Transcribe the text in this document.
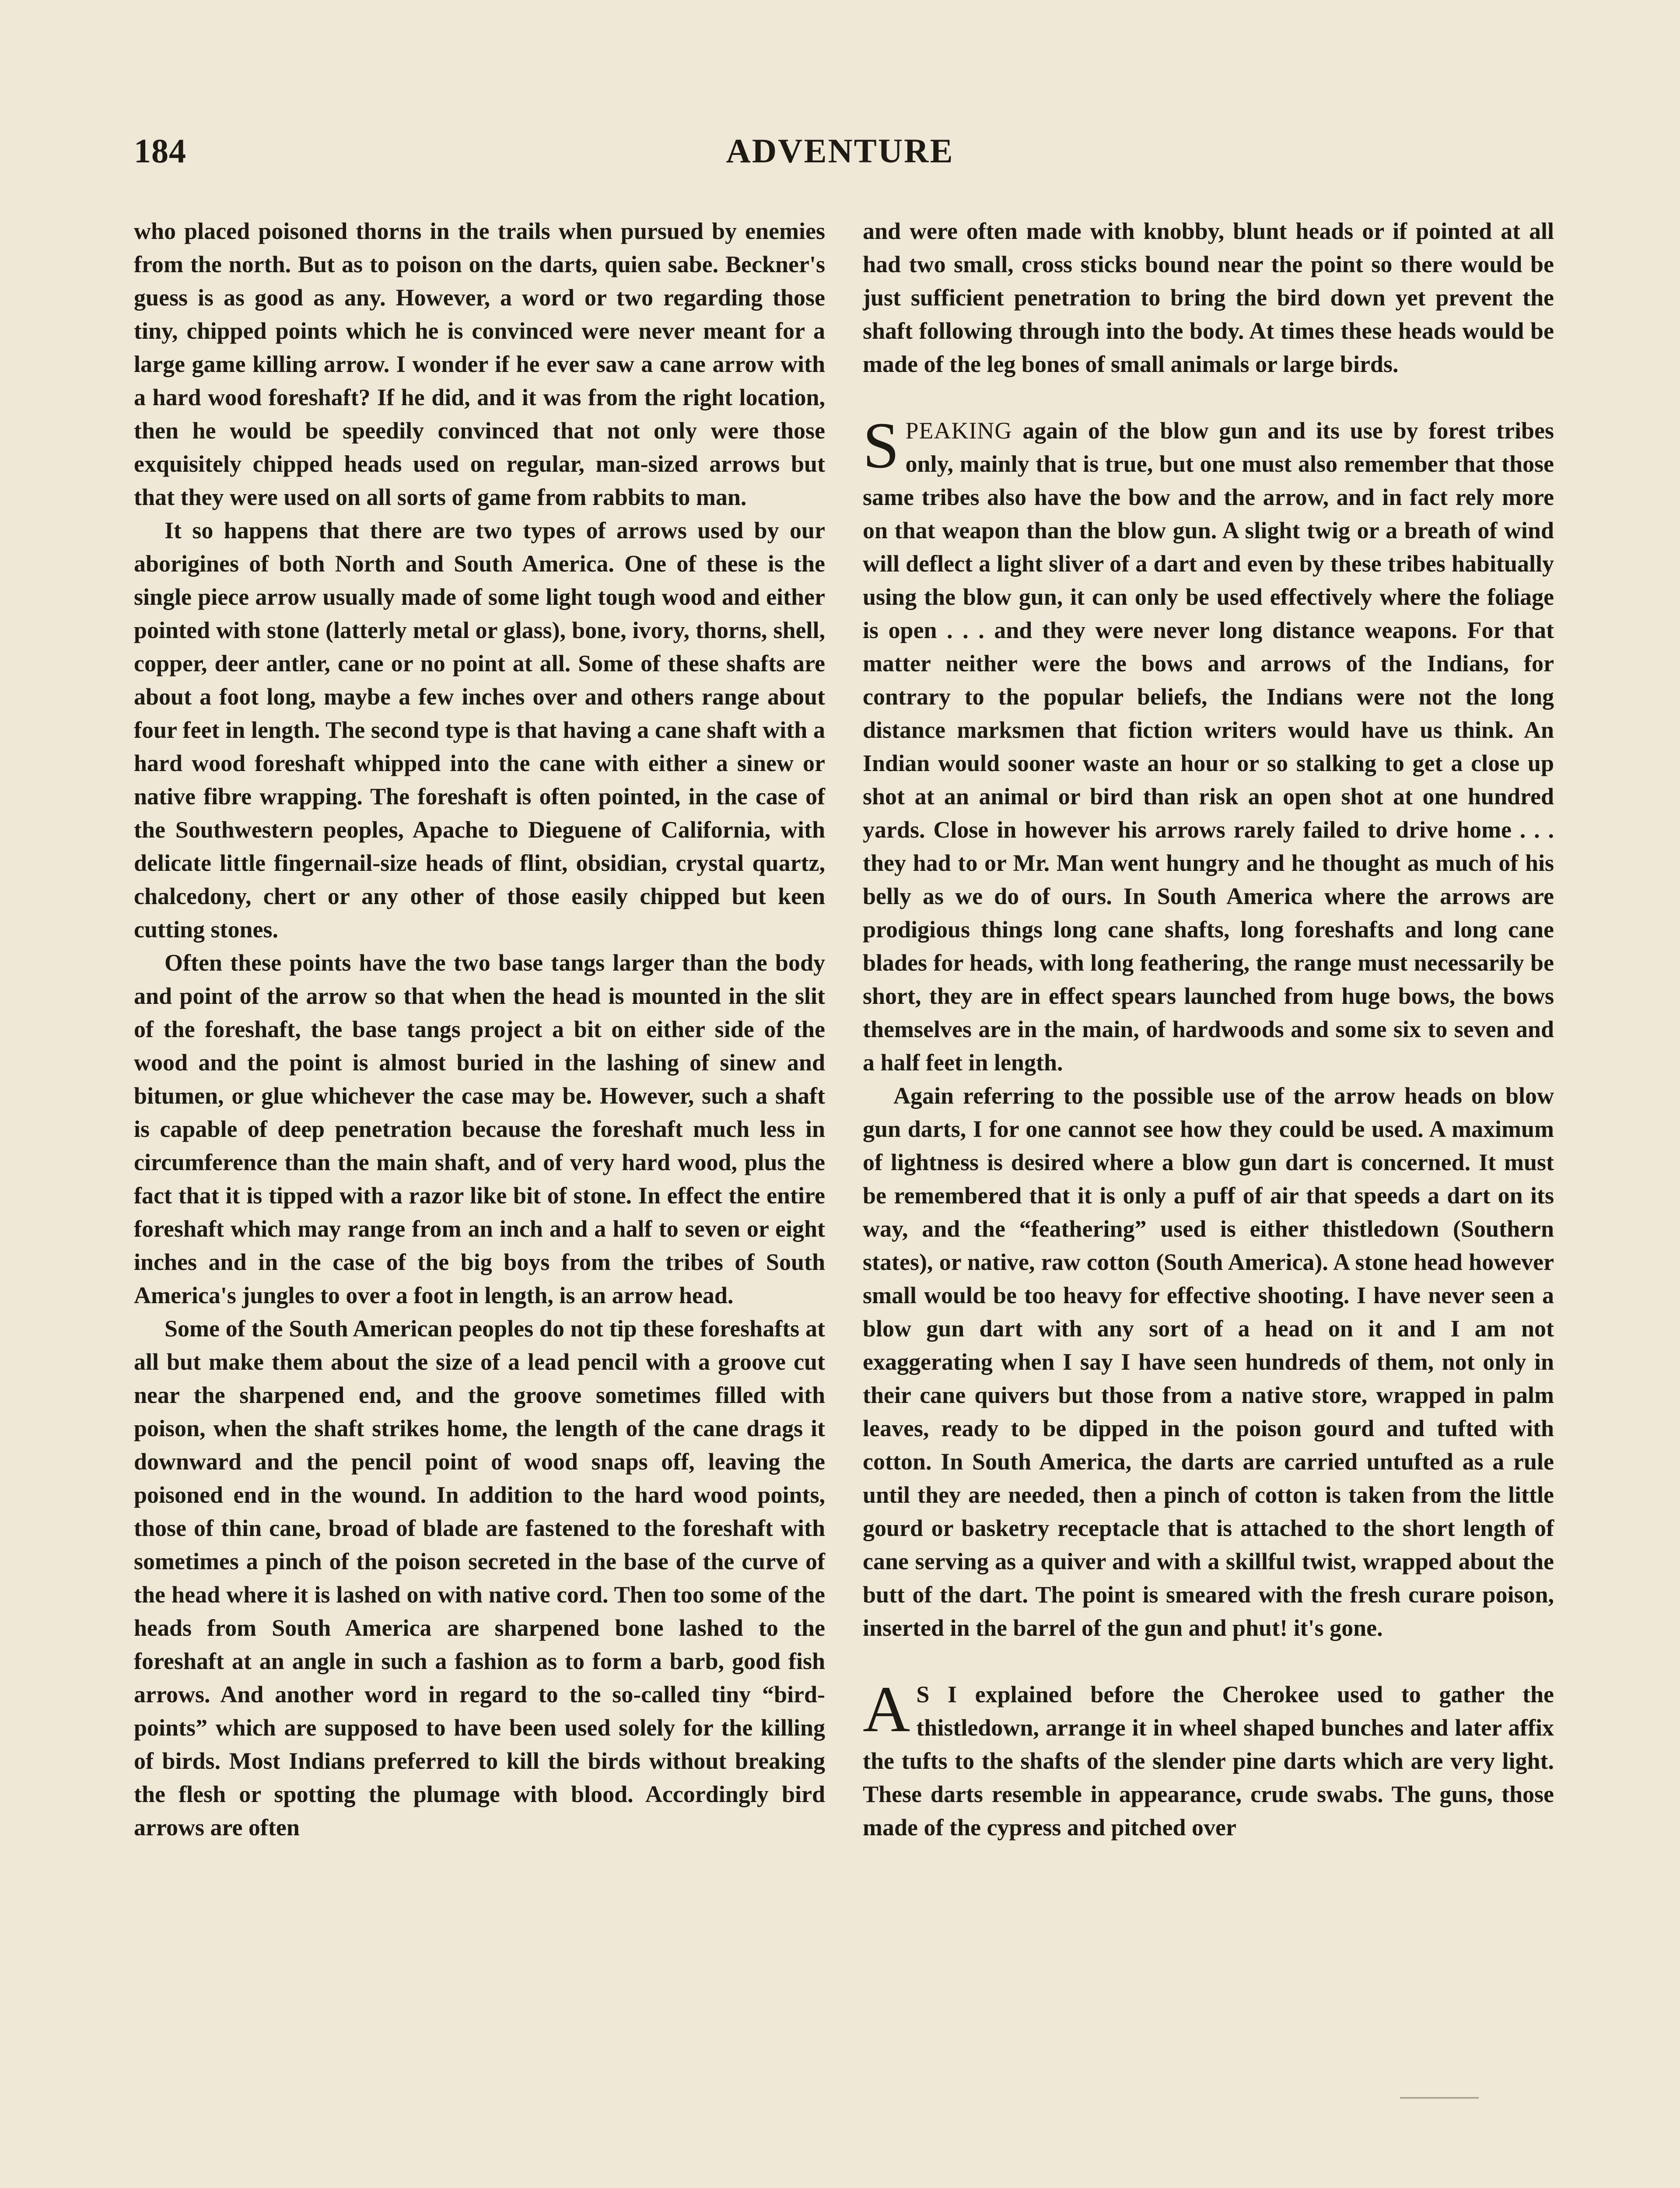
184	ADVENTURE

who placed poisoned thorns in the trails when pursued by enemies from the north. But as to poison on the darts, quien sabe. Beckner's guess is as good as any. However, a word or two regarding those tiny, chipped points which he is convinced were never meant for a large game killing arrow. I wonder if he ever saw a cane arrow with a hard wood foreshaft? If he did, and it was from the right location, then he would be speedily convinced that not only were those exquisitely chipped heads used on regular, man-sized arrows but that they were used on all sorts of game from rabbits to man.

It so happens that there are two types of arrows used by our aborigines of both North and South America. One of these is the single piece arrow usually made of some light tough wood and either pointed with stone (latterly metal or glass), bone, ivory, thorns, shell, copper, deer antler, cane or no point at all. Some of these shafts are about a foot long, maybe a few inches over and others range about four feet in length. The second type is that having a cane shaft with a hard wood foreshaft whipped into the cane with either a sinew or native fibre wrapping. The foreshaft is often pointed, in the case of the Southwestern peoples, Apache to Dieguene of California, with delicate little fingernail-size heads of flint, obsidian, crystal quartz, chalcedony, chert or any other of those easily chipped but keen cutting stones.

Often these points have the two base tangs larger than the body and point of the arrow so that when the head is mounted in the slit of the foreshaft, the base tangs project a bit on either side of the wood and the point is almost buried in the lashing of sinew and bitumen, or glue whichever the case may be. However, such a shaft is capable of deep penetration because the foreshaft much less in circumference than the main shaft, and of very hard wood, plus the fact that it is tipped with a razor like bit of stone. In effect the entire foreshaft which may range from an inch and a half to seven or eight inches and in the case of the big boys from the tribes of South America's jungles to over a foot in length, is an arrow head.

Some of the South American peoples do not tip these foreshafts at all but make them about the size of a lead pencil with a groove cut near the sharpened end, and the groove sometimes filled with poison, when the shaft strikes home, the length of the cane drags it downward and the pencil point of wood snaps off, leaving the poisoned end in the wound. In addition to the hard wood points, those of thin cane, broad of blade are fastened to the foreshaft with sometimes a pinch of the poison secreted in the base of the curve of the head where it is lashed on with native cord. Then too some of the heads from South America are sharpened bone lashed to the foreshaft at an angle in such a fashion as to form a barb, good fish arrows. And another word in regard to the so-called tiny “bird-points” which are supposed to have been used solely for the killing of birds. Most Indians preferred to kill the birds without breaking the flesh or spotting the plumage with blood. Accordingly bird arrows are often

and were often made with knobby, blunt heads or if pointed at all had two small, cross sticks bound near the point so there would be just sufficient penetration to bring the bird down yet prevent the shaft following through into the body. At times these heads would be made of the leg bones of small animals or large birds.

SPEAKING again of the blow gun and its use by forest tribes only, mainly that is true, but one must also remember that those same tribes also have the bow and the arrow, and in fact rely more on that weapon than the blow gun. A slight twig or a breath of wind will deflect a light sliver of a dart and even by these tribes habitually using the blow gun, it can only be used effectively where the foliage is open . . . and they were never long distance weapons. For that matter neither were the bows and arrows of the Indians, for contrary to the popular beliefs, the Indians were not the long distance marksmen that fiction writers would have us think. An Indian would sooner waste an hour or so stalking to get a close up shot at an animal or bird than risk an open shot at one hundred yards. Close in however his arrows rarely failed to drive home . . . they had to or Mr. Man went hungry and he thought as much of his belly as we do of ours. In South America where the arrows are prodigious things long cane shafts, long foreshafts and long cane blades for heads, with long feathering, the range must necessarily be short, they are in effect spears launched from huge bows, the bows themselves are in the main, of hardwoods and some six to seven and a half feet in length.

Again referring to the possible use of the arrow heads on blow gun darts, I for one cannot see how they could be used. A maximum of lightness is desired where a blow gun dart is concerned. It must be remembered that it is only a puff of air that speeds a dart on its way, and the “feathering” used is either thistledown (Southern states), or native, raw cotton (South America). A stone head however small would be too heavy for effective shooting. I have never seen a blow gun dart with any sort of a head on it and I am not exaggerating when I say I have seen hundreds of them, not only in their cane quivers but those from a native store, wrapped in palm leaves, ready to be dipped in the poison gourd and tufted with cotton. In South America, the darts are carried untufted as a rule until they are needed, then a pinch of cotton is taken from the little gourd or basketry receptacle that is attached to the short length of cane serving as a quiver and with a skillful twist, wrapped about the butt of the dart. The point is smeared with the fresh curare poison, inserted in the barrel of the gun and phut! it's gone.

A S I explained before the Cherokee used to gather the thistledown, arrange it in wheel shaped bunches and later affix the tufts to the shafts of the slender pine darts which are very light. These darts resemble in appearance, crude swabs. The guns, those made of the cypress and pitched over
